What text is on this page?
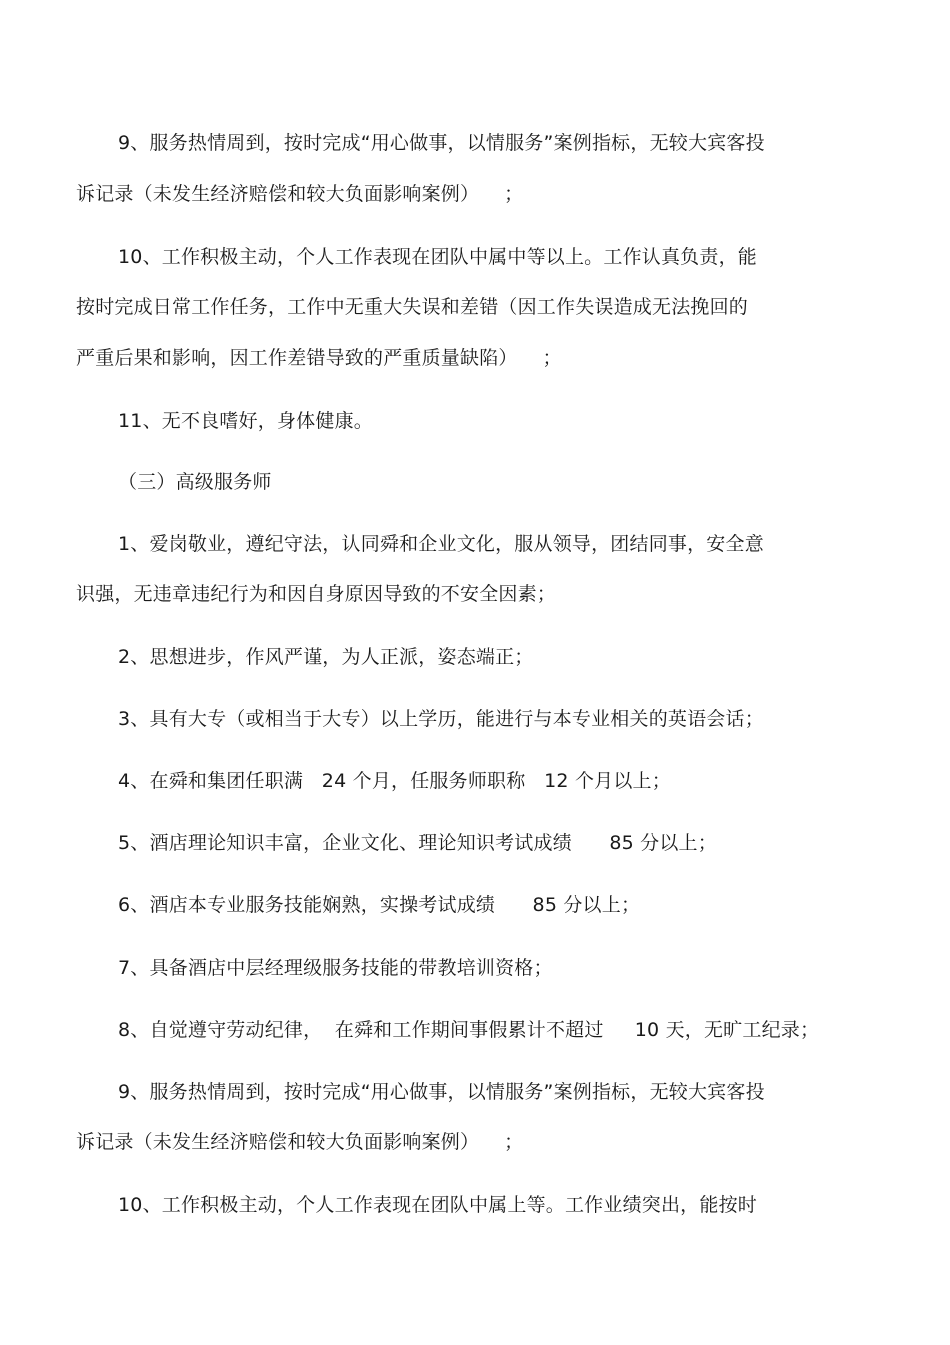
9、服务热情周到，按时完成“用心做事，以情服务”案例指标，无较大宾客投
诉记录（未发生经济赔偿和较大负面影响案例）    ；
10、工作积极主动，个人工作表现在团队中属中等以上。工作认真负责，能
按时完成日常工作任务，工作中无重大失误和差错（因工作失误造成无法挽回的
严重后果和影响，因工作差错导致的严重质量缺陷）    ；
11、无不良嗜好，身体健康。
（三）高级服务师
1、爱岗敬业，遵纪守法，认同舜和企业文化，服从领导，团结同事，安全意
识强，无违章违纪行为和因自身原因导致的不安全因素；
2、思想进步，作风严谨，为人正派，姿态端正；
3、具有大专（或相当于大专）以上学历，能进行与本专业相关的英语会话；
4、在舜和集团任职满   24 个月，任服务师职称   12 个月以上；
5、酒店理论知识丰富，企业文化、理论知识考试成绩      85 分以上；
6、酒店本专业服务技能娴熟，实操考试成绩      85 分以上；
7、具备酒店中层经理级服务技能的带教培训资格；
8、自觉遵守劳动纪律，  在舜和工作期间事假累计不超过     10 天，无旷工纪录；
9、服务热情周到，按时完成“用心做事，以情服务”案例指标，无较大宾客投
诉记录（未发生经济赔偿和较大负面影响案例）    ；
10、工作积极主动，个人工作表现在团队中属上等。工作业绩突出，能按时
